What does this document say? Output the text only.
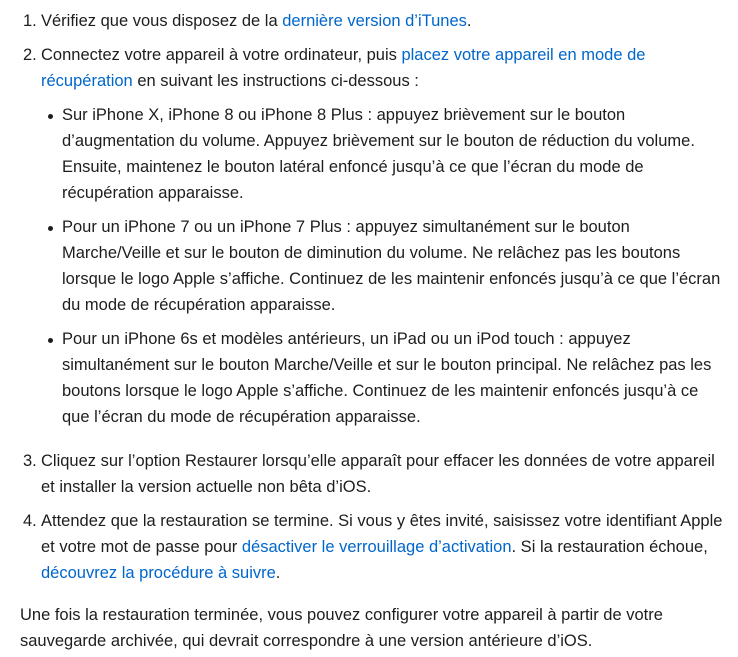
1. Vérifiez que vous disposez de la dernière version d’iTunes.
2. Connectez votre appareil à votre ordinateur, puis placez votre appareil en mode de récupération en suivant les instructions ci-dessous :
Sur iPhone X, iPhone 8 ou iPhone 8 Plus : appuyez brièvement sur le bouton d’augmentation du volume. Appuyez brièvement sur le bouton de réduction du volume. Ensuite, maintenez le bouton latéral enfoncé jusqu’à ce que l’écran du mode de récupération apparaisse.
Pour un iPhone 7 ou un iPhone 7 Plus : appuyez simultanément sur le bouton Marche/Veille et sur le bouton de diminution du volume. Ne relâchez pas les boutons lorsque le logo Apple s’affiche. Continuez de les maintenir enfoncés jusqu’à ce que l’écran du mode de récupération apparaisse.
Pour un iPhone 6s et modèles antérieurs, un iPad ou un iPod touch : appuyez simultanément sur le bouton Marche/Veille et sur le bouton principal. Ne relâchez pas les boutons lorsque le logo Apple s’affiche. Continuez de les maintenir enfoncés jusqu’à ce que l’écran du mode de récupération apparaisse.
3. Cliquez sur l’option Restaurer lorsqu’elle apparaît pour effacer les données de votre appareil et installer la version actuelle non bêta d’iOS.
4. Attendez que la restauration se termine. Si vous y êtes invité, saisissez votre identifiant Apple et votre mot de passe pour désactiver le verrouillage d’activation. Si la restauration échoue, découvrez la procédure à suivre.

Une fois la restauration terminée, vous pouvez configurer votre appareil à partir de votre sauvegarde archivée, qui devrait correspondre à une version antérieure d’iOS.
